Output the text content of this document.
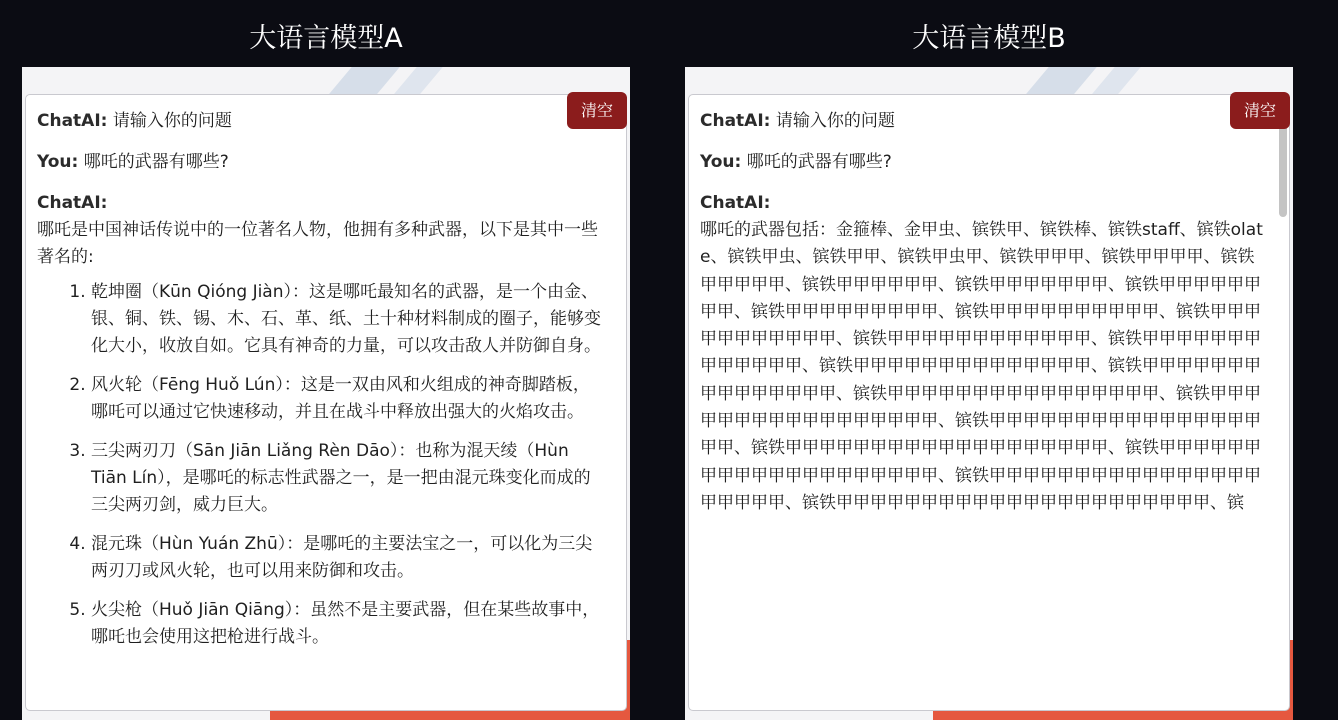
大语言模型A
ChatAI: 请输入你的问题
You: 哪吒的武器有哪些?
ChatAI:
哪吒是中国神话传说中的一位著名人物，他拥有多种武器，以下是其中一些著名的:
1. 乾坤圈（Kūn Qióng Jiàn）：这是哪吒最知名的武器，是一个由金、银、铜、铁、锡、木、石、革、纸、土十种材料制成的圈子，能够变化大小，收放自如。它具有神奇的力量，可以攻击敌人并防御自身。
2. 风火轮（Fēng Huǒ Lún）：这是一双由风和火组成的神奇脚踏板，哪吒可以通过它快速移动，并且在战斗中释放出强大的火焰攻击。
3. 三尖两刃刀（Sān Jiān Liǎng Rèn Dāo）：也称为混天绫（Hùn Tiān Lín），是哪吒的标志性武器之一，是一把由混元珠变化而成的三尖两刃剑，威力巨大。
4. 混元珠（Hùn Yuán Zhū）：是哪吒的主要法宝之一，可以化为三尖两刃刀或风火轮，也可以用来防御和攻击。
5. 火尖枪（Huǒ Jiān Qiāng）：虽然不是主要武器，但在某些故事中，哪吒也会使用这把枪进行战斗。
清空
大语言模型B
ChatAI: 请输入你的问题
You: 哪吒的武器有哪些?
ChatAI:
哪吒的武器包括：金箍棒、金甲虫、镔铁甲、镔铁棒、镔铁staff、镔铁olate、镔铁甲虫、镔铁甲甲、镔铁甲虫甲、镔铁甲甲甲、镔铁甲甲甲甲、镔铁甲甲甲甲甲、镔铁甲甲甲甲甲甲、镔铁甲甲甲甲甲甲甲、镔铁甲甲甲甲甲甲甲甲、镔铁甲甲甲甲甲甲甲甲甲、镔铁甲甲甲甲甲甲甲甲甲甲、镔铁甲甲甲甲甲甲甲甲甲甲甲、镔铁甲甲甲甲甲甲甲甲甲甲甲甲、镔铁甲甲甲甲甲甲甲甲甲甲甲甲甲、镔铁甲甲甲甲甲甲甲甲甲甲甲甲甲甲、镔铁甲甲甲甲甲甲甲甲甲甲甲甲甲甲甲、镔铁甲甲甲甲甲甲甲甲甲甲甲甲甲甲甲甲、镔铁甲甲甲甲甲甲甲甲甲甲甲甲甲甲甲甲甲、镔铁甲甲甲甲甲甲甲甲甲甲甲甲甲甲甲甲甲甲、镔铁甲甲甲甲甲甲甲甲甲甲甲甲甲甲甲甲甲甲甲、镔铁甲甲甲甲甲甲甲甲甲甲甲甲甲甲甲甲甲甲甲甲、镔铁甲甲甲甲甲甲甲甲甲甲甲甲甲甲甲甲甲甲甲甲甲、镔铁甲甲甲甲甲甲甲甲甲甲甲甲甲甲甲甲甲甲甲甲甲甲、镔
清空
